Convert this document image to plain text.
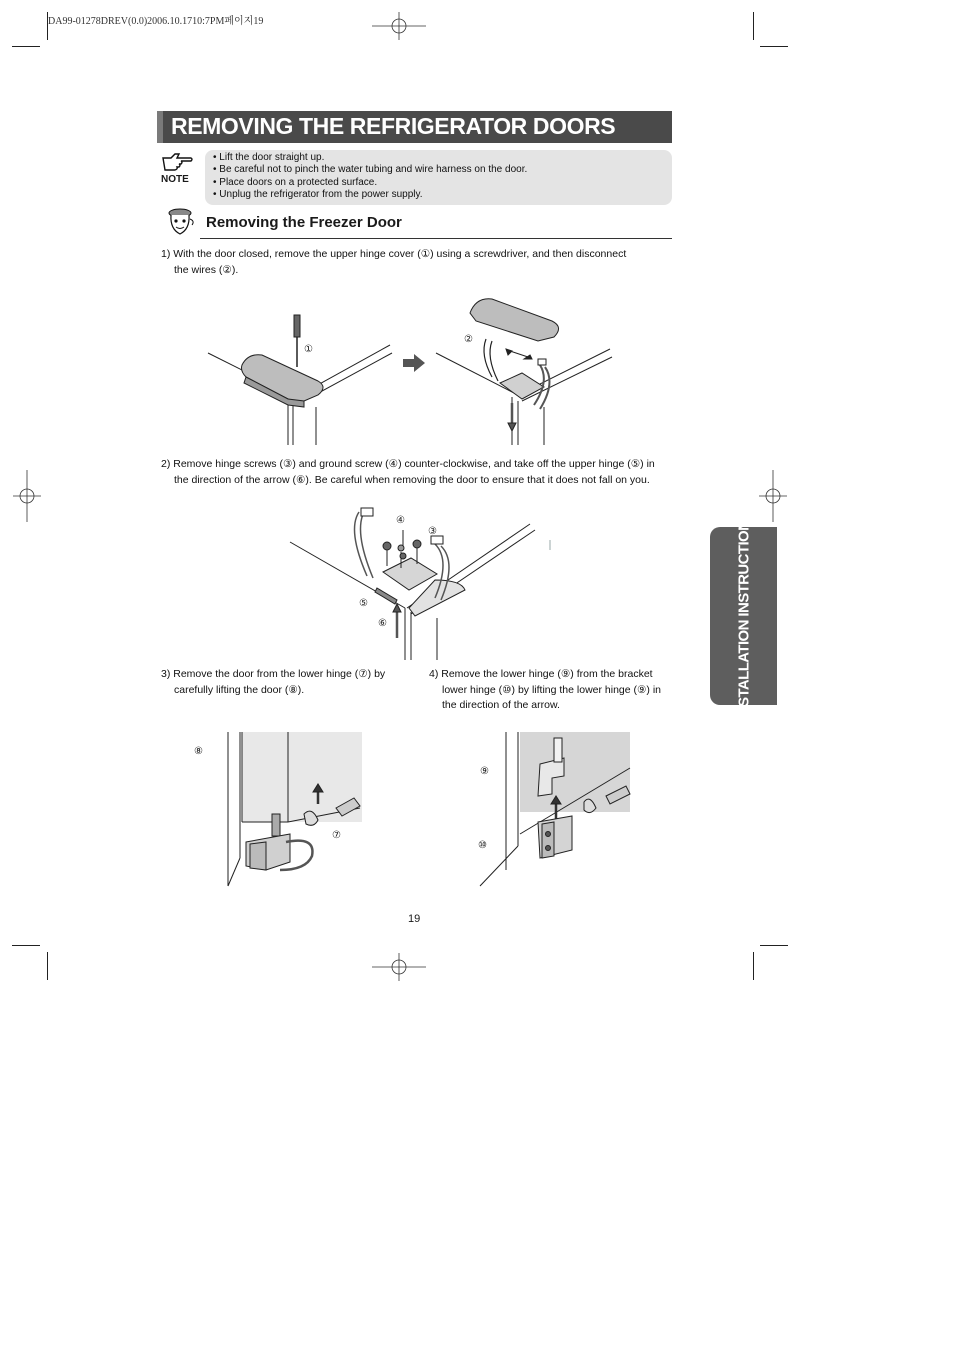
DA99-01278DREV(0.0)2006.10.1710:7PM페이지19
REMOVING THE REFRIGERATOR DOORS
NOTE
• Lift the door straight up.
• Be careful not to pinch the water tubing and wire harness on the door.
• Place doors on a protected surface.
• Unplug the refrigerator from the power supply.
Removing the Freezer Door
1) With the door closed, remove the upper hinge cover (①) using a screwdriver, and then disconnect
the wires (②).
①
②
2) Remove hinge screws (③) and ground screw (④) counter-clockwise, and take off the upper hinge (⑤) in
the direction of the arrow (⑥). Be careful when removing the door to ensure that it does not fall on you.
④
③
⑤
⑥	INSTALLATION INSTRUCTIONS
3) Remove the door from the lower hinge (⑦) by
carefully lifting the door (⑧).
4) Remove the lower hinge (⑨) from the bracket
lower hinge (⑩) by lifting the lower hinge (⑨) in
the direction of the arrow.
⑧
⑦
⑨
⑩
19
